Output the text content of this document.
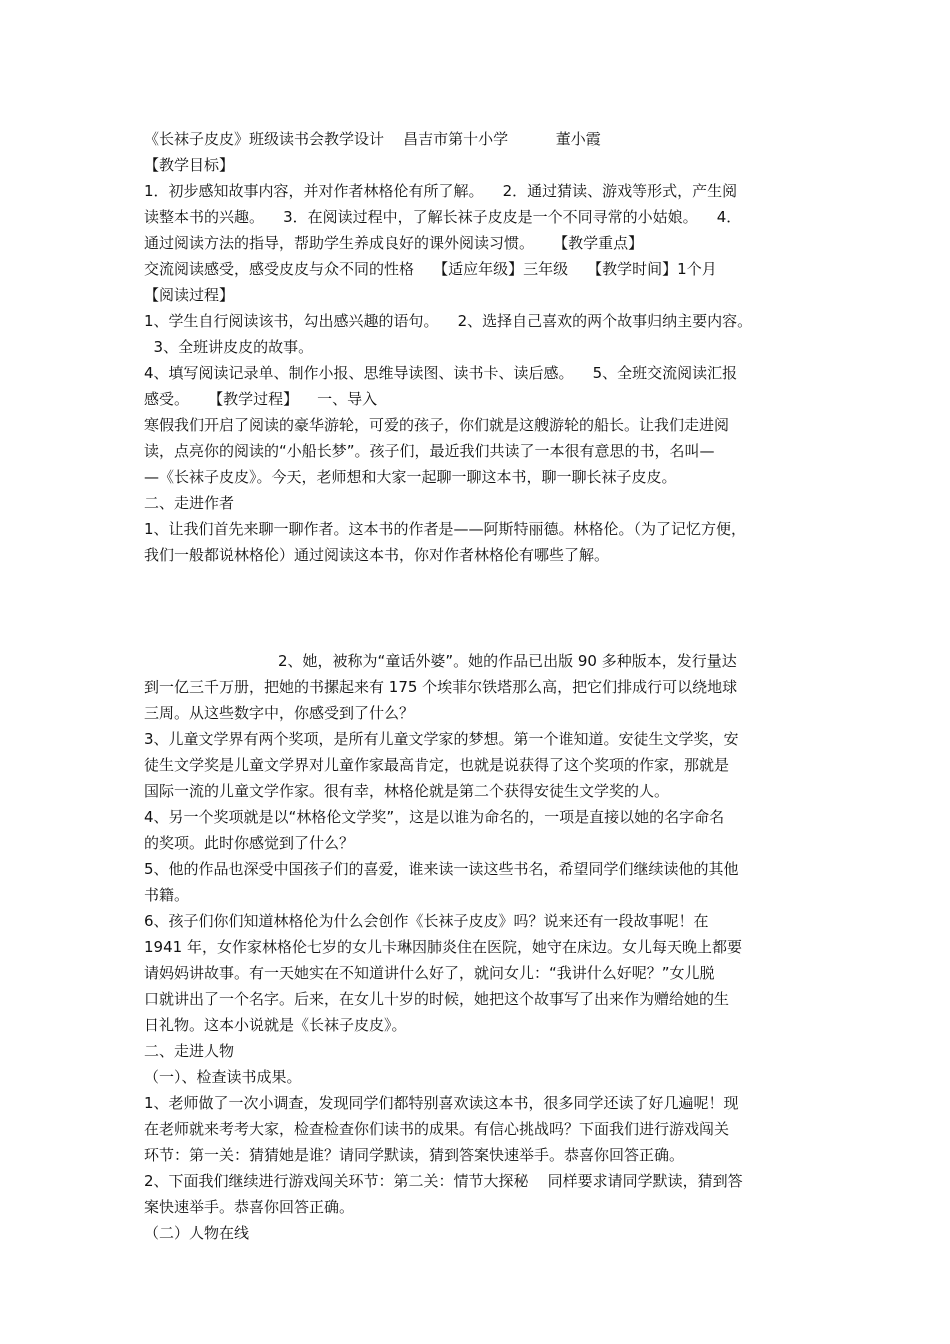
《长袜子皮皮》班级读书会教学设计    昌吉市第十小学          董小霞

【教学目标】

1．初步感知故事内容，并对作者林格伦有所了解。    2．通过猜读、游戏等形式，产生阅

读整本书的兴趣。    3．在阅读过程中，了解长袜子皮皮是一个不同寻常的小姑娘。    4．

通过阅读方法的指导，帮助学生养成良好的课外阅读习惯。    【教学重点】

交流阅读感受，感受皮皮与众不同的性格    【适应年级】三年级    【教学时间】1个月

【阅读过程】

1、学生自行阅读该书，勾出感兴趣的语句。    2、选择自己喜欢的两个故事归纳主要内容。

3、全班讲皮皮的故事。

4、填写阅读记录单、制作小报、思维导读图、读书卡、读后感。    5、全班交流阅读汇报

感受。    【教学过程】    一、导入

寒假我们开启了阅读的豪华游轮，可爱的孩子，你们就是这艘游轮的船长。让我们走进阅

读，点亮你的阅读的“小船长梦”。孩子们，最近我们共读了一本很有意思的书，名叫—

—《长袜子皮皮》。今天，老师想和大家一起聊一聊这本书，聊一聊长袜子皮皮。

二、走进作者

1、让我们首先来聊一聊作者。这本书的作者是——阿斯特丽德。林格伦。（为了记忆方便，

我们一般都说林格伦）通过阅读这本书，你对作者林格伦有哪些了解。

2、她，被称为“童话外婆”。她的作品已出版 90 多种版本，发行量达

到一亿三千万册，把她的书摞起来有 175 个埃菲尔铁塔那么高，把它们排成行可以绕地球

三周。从这些数字中，你感受到了什么？

3、儿童文学界有两个奖项，是所有儿童文学家的梦想。第一个谁知道。安徒生文学奖，安

徒生文学奖是儿童文学界对儿童作家最高肯定，也就是说获得了这个奖项的作家，那就是

国际一流的儿童文学作家。很有幸，林格伦就是第二个获得安徒生文学奖的人。

4、另一个奖项就是以“林格伦文学奖”，这是以谁为命名的，一项是直接以她的名字命名

的奖项。此时你感觉到了什么？

5、他的作品也深受中国孩子们的喜爱，谁来读一读这些书名，希望同学们继续读他的其他

书籍。

6、孩子们你们知道林格伦为什么会创作《长袜子皮皮》吗？说来还有一段故事呢！在

1941 年，女作家林格伦七岁的女儿卡琳因肺炎住在医院，她守在床边。女儿每天晚上都要

请妈妈讲故事。有一天她实在不知道讲什么好了，就问女儿：“我讲什么好呢？”女儿脱

口就讲出了一个名字。后来，在女儿十岁的时候，她把这个故事写了出来作为赠给她的生

日礼物。这本小说就是《长袜子皮皮》。

二、走进人物

（一）、检查读书成果。

1、老师做了一次小调查，发现同学们都特别喜欢读这本书，很多同学还读了好几遍呢！现

在老师就来考考大家，检查检查你们读书的成果。有信心挑战吗？下面我们进行游戏闯关

环节：第一关：猜猜她是谁？请同学默读，猜到答案快速举手。恭喜你回答正确。

2、下面我们继续进行游戏闯关环节：第二关：情节大探秘    同样要求请同学默读，猜到答

案快速举手。恭喜你回答正确。

（二）人物在线
